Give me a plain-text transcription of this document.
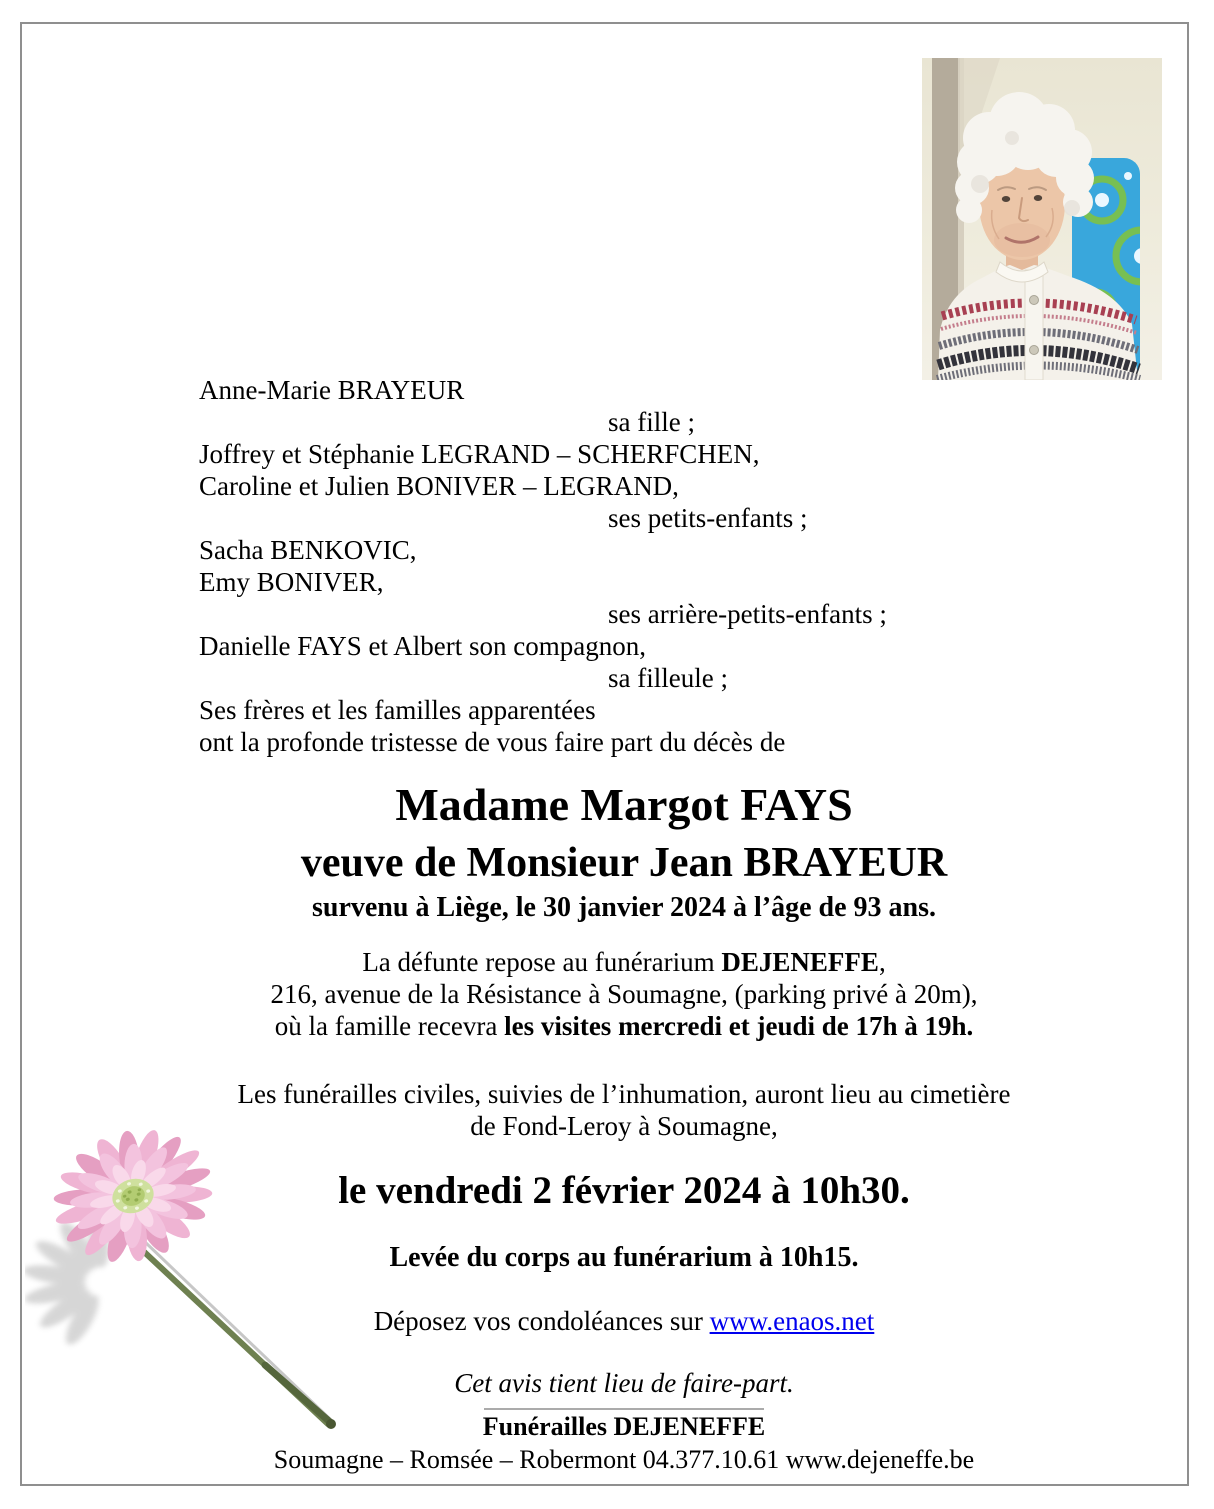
Anne-Marie BRAYEUR
sa fille ;
Joffrey et Stéphanie LEGRAND – SCHERFCHEN,
Caroline et Julien BONIVER – LEGRAND,
ses petits-enfants ;
Sacha BENKOVIC,
Emy BONIVER,
ses arrière-petits-enfants ;
Danielle FAYS et Albert son compagnon,
sa filleule ;
Ses frères et les familles apparentées
ont la profonde tristesse de vous faire part du décès de
Madame Margot FAYS
veuve de Monsieur Jean BRAYEUR
survenu à Liège, le 30 janvier 2024 à l’âge de 93 ans.

La défunte repose au funérarium DEJENEFFE,
216, avenue de la Résistance à Soumagne, (parking privé à 20m),
où la famille recevra les visites mercredi et jeudi de 17h à 19h.

Les funérailles civiles, suivies de l’inhumation, auront lieu au cimetière
de Fond-Leroy à Soumagne,

le vendredi 2 février 2024 à 10h30.
Levée du corps au funérarium à 10h15.
Déposez vos condoléances sur www.enaos.net
Cet avis tient lieu de faire-part.
Funérailles DEJENEFFE
Soumagne – Romsée – Robermont 04.377.10.61 www.dejeneffe.be
